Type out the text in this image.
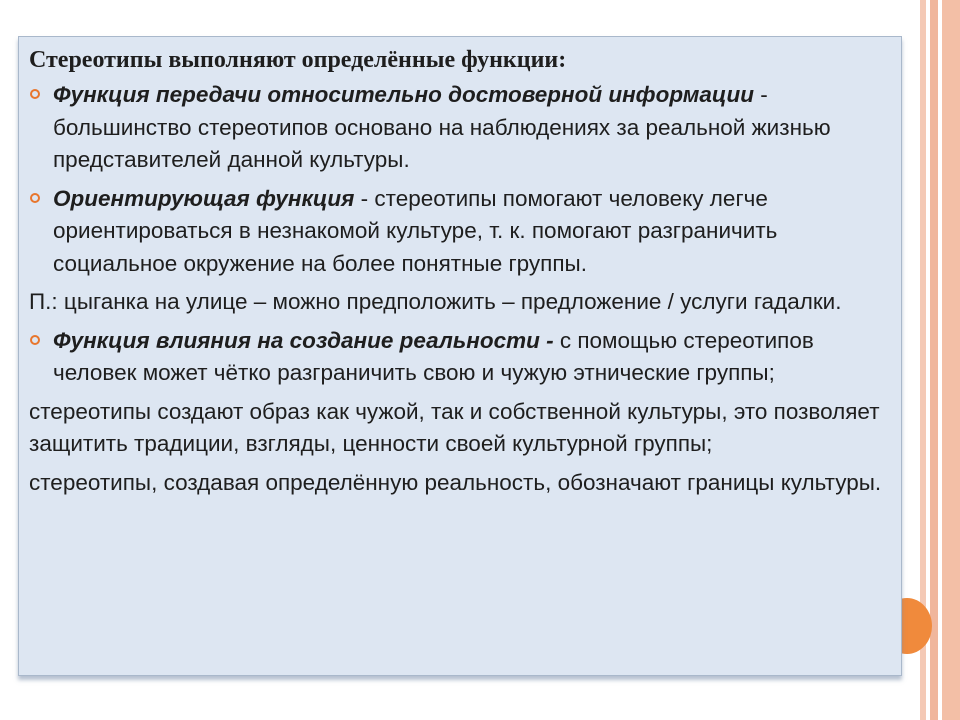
Стереотипы выполняют определённые функции:
Функция передачи относительно достоверной информации - большинство стереотипов основано на наблюдениях за реальной жизнью представителей данной культуры.
Ориентирующая функция - стереотипы помогают человеку легче ориентироваться в незнакомой культуре, т. к. помогают разграничить социальное окружение на более понятные группы.
П.: цыганка на улице – можно предположить – предложение / услуги гадалки.
Функция влияния на создание реальности - с помощью стереотипов человек может чётко разграничить свою и чужую этнические группы;
стереотипы создают образ как чужой, так и собственной культуры, это позволяет защитить традиции, взгляды, ценности своей культурной группы;
стереотипы, создавая определённую реальность, обозначают границы культуры.
